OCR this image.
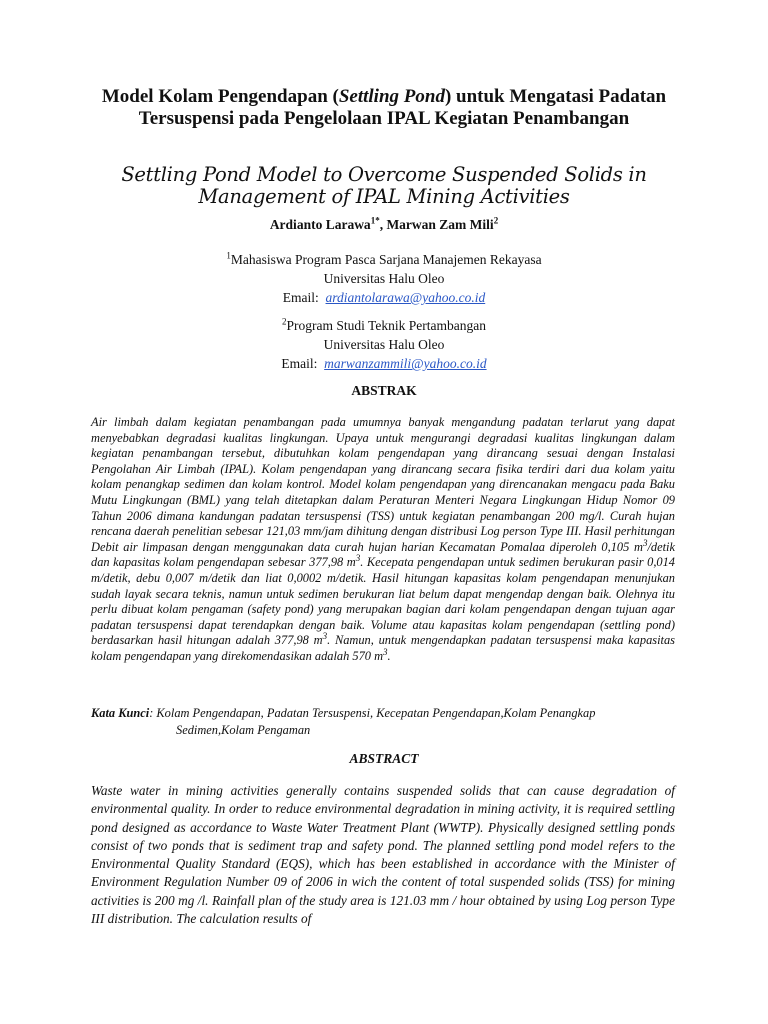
Model Kolam Pengendapan (Settling Pond) untuk Mengatasi Padatan Tersuspensi pada Pengelolaan IPAL Kegiatan Penambangan
Settling Pond Model to Overcome Suspended Solids in Management of IPAL Mining Activities
Ardianto Larawa$^{1*}$, Marwan Zam Mili$^2$
$^1$Mahasiswa Program Pasca Sarjana Manajemen Rekayasa
Universitas Halu Oleo
Email: ardiantolarawa@yahoo.co.id
$^2$Program Studi Teknik Pertambangan
Universitas Halu Oleo
Email: marwanzammili@yahoo.co.id
ABSTRAK

Air limbah dalam kegiatan penambangan pada umumnya banyak mengandung padatan terlarut yang dapat menyebabkan degradasi kualitas lingkungan. Upaya untuk mengurangi degradasi kualitas lingkungan dalam kegiatan penambangan tersebut, dibutuhkan kolam pengendapan yang dirancang sesuai dengan Instalasi Pengolahan Air Limbah (IPAL). Kolam pengendapan yang dirancang secara fisika terdiri dari dua kolam yaitu kolam penangkap sedimen dan kolam kontrol. Model kolam pengendapan yang direncanakan mengacu pada Baku Mutu Lingkungan (BML) yang telah ditetapkan dalam Peraturan Menteri Negara Lingkungan Hidup Nomor 09 Tahun 2006 dimana kandungan padatan tersuspensi (TSS) untuk kegiatan penambangan 200 mg/l. Curah hujan rencana daerah penelitian sebesar 121,03 mm/jam dihitung dengan distribusi Log person Type III. Hasil perhitungan Debit air limpasan dengan menggunakan data curah hujan harian Kecamatan Pomalaa diperoleh 0,105 $m^3$/detik dan kapasitas kolam pengendapan sebesar 377,98 $m^3$. Kecepata pengendapan untuk sedimen berukuran pasir 0,014 m/detik, debu 0,007 m/detik dan liat 0,0002 m/detik. Hasil hitungan kapasitas kolam pengendapan menunjukan sudah layak secara teknis, namun untuk sedimen berukuran liat belum dapat mengendap dengan baik. Olehnya itu perlu dibuat kolam pengaman (safety pond) yang merupakan bagian dari kolam pengendapan dengan tujuan agar padatan tersuspensi dapat terendapkan dengan baik. Volume atau kapasitas kolam pengendapan (settling pond) berdasarkan hasil hitungan adalah 377,98 $m^3$. Namun, untuk mengendapkan padatan tersuspensi maka kapasitas kolam pengendapan yang direkomendasikan adalah 570 $m^3$.

Kata Kunci: Kolam Pengendapan, Padatan Tersuspensi, Kecepatan Pengendapan,Kolam Penangkap
Sedimen,Kolam Pengaman
ABSTRACT

Waste water in mining activities generally contains suspended solids that can cause degradation of environmental quality. In order to reduce environmental degradation in mining activity, it is required settling pond designed as accordance to Waste Water Treatment Plant (WWTP). Physically designed settling ponds consist of two ponds that is sediment trap and safety pond. The planned settling pond model refers to the Environmental Quality Standard (EQS), which has been established in accordance with the Minister of Environment Regulation Number 09 of 2006 in wich the content of total suspended solids (TSS) for mining activities is 200 mg /l. Rainfall plan of the study area is 121.03 mm / hour obtained by using Log person Type III distribution. The calculation results of
